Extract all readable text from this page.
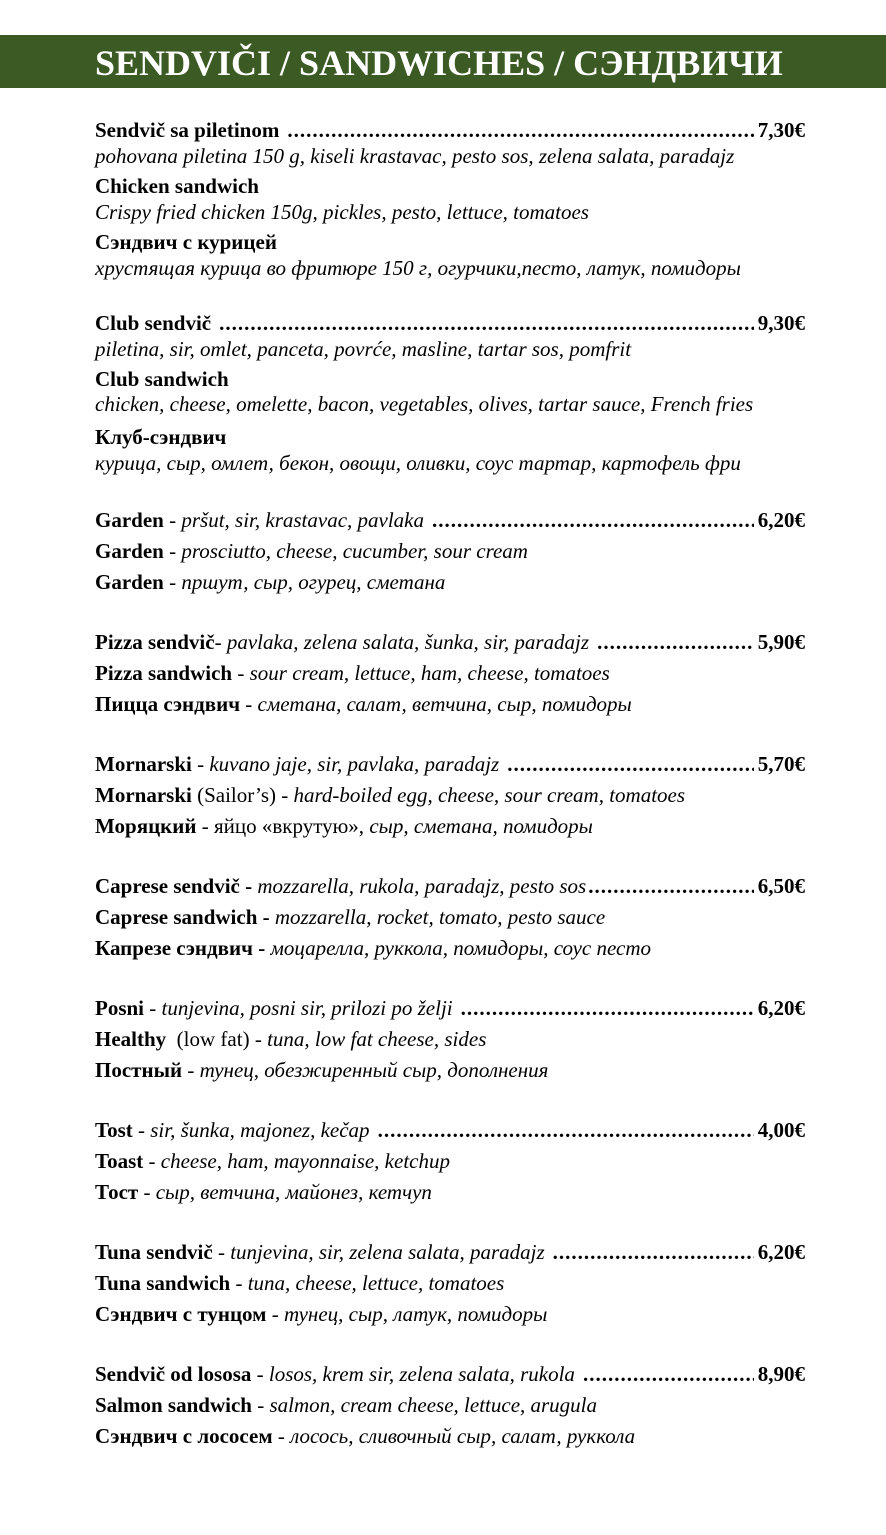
SENDVIČI / SANDWICHES / СЭНДВИЧИ
Sendvič sa piletinom .....	7,30€
pohovana piletina 150 g, kiseli krastavac, pesto sos, zelena salata, paradajz
Chicken sandwich
Crispy fried chicken 150g, pickles, pesto, lettuce, tomatoes
Сэндвич с курицей
хрустящая курица во фритюре 150 г, огурчики,песто, латук, помидоры
Club sendvič .....	9,30€
piletina, sir, omlet, panceta, povrće, masline, tartar sos, pomfrit
Club sandwich
chicken, cheese, omelette, bacon, vegetables, olives, tartar sauce, French fries
Клуб-сэндвич
курица, сыр, омлет, бекон, овощи, оливки, соус тартар, картофель фри
Garden - pršut, sir, krastavac, pavlaka .....	6,20€
Garden - prosciutto, cheese, cucumber, sour cream
Garden - пршут, сыр, огурец, сметана
Pizza sendvič - pavlaka, zelena salata, šunka, sir, paradajz .....	5,90€
Pizza sandwich - sour cream, lettuce, ham, cheese, tomatoes
Пицца сэндвич - сметана, салат, ветчина, сыр, помидоры
Mornarski - kuvano jaje, sir, pavlaka, paradajz .....	5,70€
Mornarski (Sailor’s) - hard-boiled egg, cheese, sour cream, tomatoes
Моряцкий - яйцо «вкрутую», сыр, сметана, помидоры
Caprese sendvič -
mozzarella, rukola, paradajz, pesto sos .....	6,50€
Caprese sandwich - mozzarella, rocket, tomato, pesto sauce
Капрезе сэндвич - моцарелла, руккола, помидоры, соус песто
Posni - tunjevina, posni sir, prilozi po želji .....	6,20€
Healthy  (low fat) - tuna, low fat cheese, sides
Постный - тунец, обезжиренный сыр, дополнения
Tost - sir, šunka, majonez, kečap .....	4,00€
Toast - cheese, ham, mayonnaise, ketchup
Тост - сыр, ветчина, майонез, кетчуп
Tuna sendvič - tunjevina, sir, zelena salata, paradajz .....	6,20€
Tuna sandwich - tuna, cheese, lettuce, tomatoes
Сэндвич с тунцом - тунец, сыр, латук, помидоры
Sendvič od lososa - losos, krem sir, zelena salata, rukola .....	8,90€
Salmon sandwich - salmon, cream cheese, lettuce, arugula
Сэндвич с лососем - лосось, сливочный сыр, салат, руккола
